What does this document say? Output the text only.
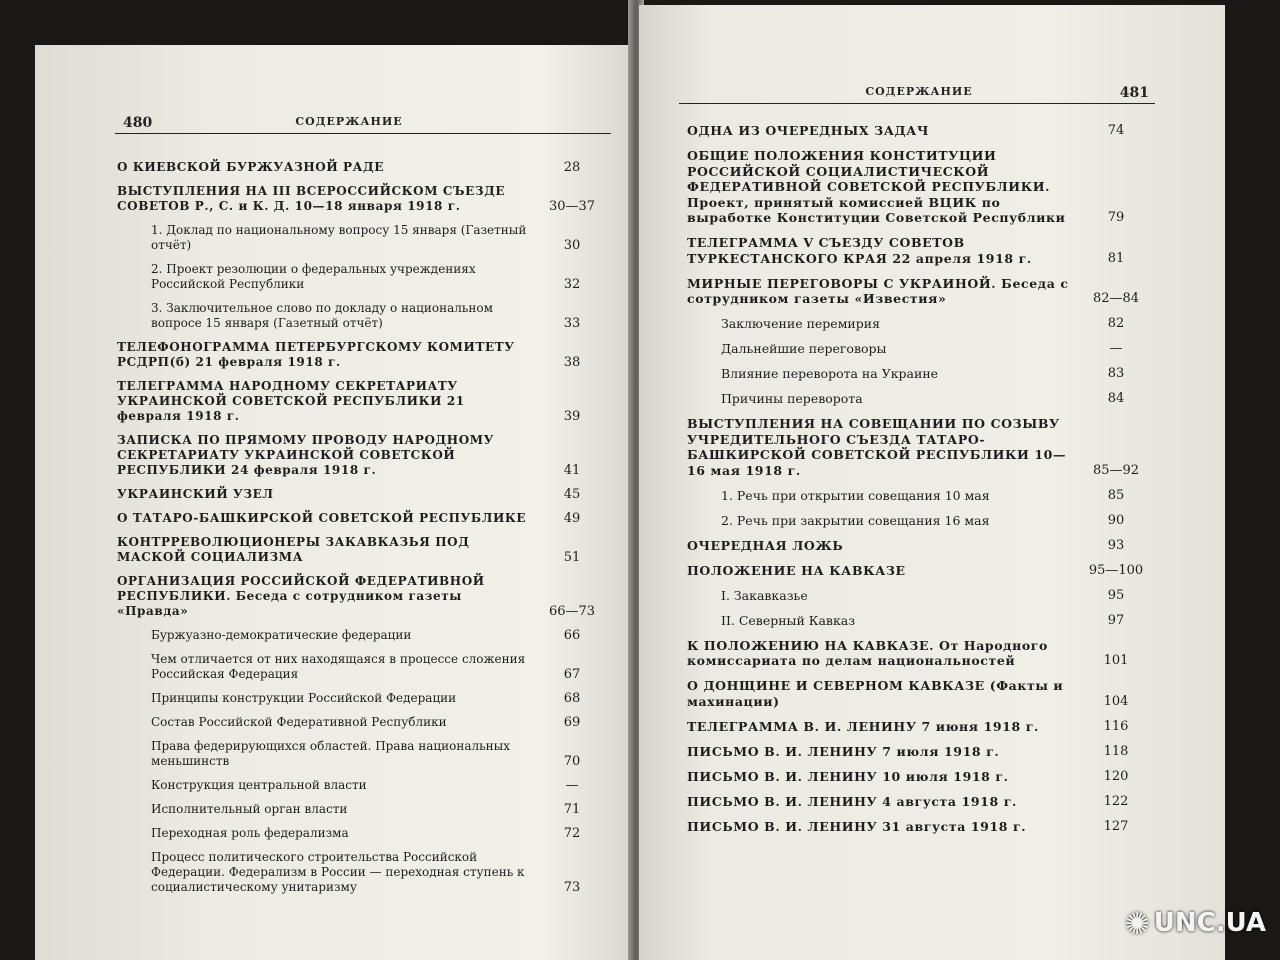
480	СОДЕРЖАНИЕ
О КИЕВСКОЙ БУРЖУАЗНОЙ РАДЕ	28
ВЫСТУПЛЕНИЯ НА III ВСЕРОССИЙСКОМ СЪЕЗДЕ СОВЕТОВ Р., С. и К. Д. 10—18 января 1918 г.	30—37
1. Доклад по национальному вопросу 15 января (Газетный отчёт)	30
2. Проект резолюции о федеральных учреждениях Российской Республики	32
3. Заключительное слово по докладу о национальном вопросе 15 января (Газетный отчёт)	33
ТЕЛЕФОНОГРАММА ПЕТЕРБУРГСКОМУ КОМИТЕТУ РСДРП(б) 21 февраля 1918 г.	38
ТЕЛЕГРАММА НАРОДНОМУ СЕКРЕТАРИАТУ УКРАИНСКОЙ СОВЕТСКОЙ РЕСПУБЛИКИ 21 февраля 1918 г.	39
ЗАПИСКА ПО ПРЯМОМУ ПРОВОДУ НАРОДНОМУ СЕКРЕТАРИАТУ УКРАИНСКОЙ СОВЕТСКОЙ РЕСПУБЛИКИ 24 февраля 1918 г.	41
УКРАИНСКИЙ УЗЕЛ	45
О ТАТАРО-БАШКИРСКОЙ СОВЕТСКОЙ РЕСПУБЛИКЕ	49
КОНТРРЕВОЛЮЦИОНЕРЫ ЗАКАВКАЗЬЯ ПОД МАСКОЙ СОЦИАЛИЗМА	51
ОРГАНИЗАЦИЯ РОССИЙСКОЙ ФЕДЕРАТИВНОЙ РЕСПУБЛИКИ. Беседа с сотрудником газеты «Правда»	66—73
Буржуазно-демократические федерации	66
Чем отличается от них находящаяся в процессе сложения Российская Федерация	67
Принципы конструкции Российской Федерации	68
Состав Российской Федеративной Республики	69
Права федерирующихся областей. Права национальных меньшинств	70
Конструкция центральной власти	—
Исполнительный орган власти	71
Переходная роль федерализма	72
Процесс политического строительства Российской Федерации. Федерализм в России — переходная ступень к социалистическому унитаризму	73
СОДЕРЖАНИЕ	481
ОДНА ИЗ ОЧЕРЕДНЫХ ЗАДАЧ	74
ОБЩИЕ ПОЛОЖЕНИЯ КОНСТИТУЦИИ РОССИЙСКОЙ СОЦИАЛИСТИЧЕСКОЙ ФЕДЕРАТИВНОЙ СОВЕТСКОЙ РЕСПУБЛИКИ. Проект, принятый комиссией ВЦИК по выработке Конституции Советской Республики	79
ТЕЛЕГРАММА V СЪЕЗДУ СОВЕТОВ ТУРКЕСТАНСКОГО КРАЯ 22 апреля 1918 г.	81
МИРНЫЕ ПЕРЕГОВОРЫ С УКРАИНОЙ. Беседа с сотрудником газеты «Известия»	82—84
Заключение перемирия	82
Дальнейшие переговоры	—
Влияние переворота на Украине	83
Причины переворота	84
ВЫСТУПЛЕНИЯ НА СОВЕЩАНИИ ПО СОЗЫВУ УЧРЕДИТЕЛЬНОГО СЪЕЗДА ТАТАРО-БАШКИРСКОЙ СОВЕТСКОЙ РЕСПУБЛИКИ 10—16 мая 1918 г.	85—92
1. Речь при открытии совещания 10 мая	85
2. Речь при закрытии совещания 16 мая	90
ОЧЕРЕДНАЯ ЛОЖЬ	93
ПОЛОЖЕНИЕ НА КАВКАЗЕ	95—100
I. Закавказье	95
II. Северный Кавказ	97
К ПОЛОЖЕНИЮ НА КАВКАЗЕ. От Народного комиссариата по делам национальностей	101
О ДОНЩИНЕ И СЕВЕРНОМ КАВКАЗЕ (Факты и махинации)	104
ТЕЛЕГРАММА В. И. ЛЕНИНУ 7 июня 1918 г.	116
ПИСЬМО В. И. ЛЕНИНУ 7 июля 1918 г.	118
ПИСЬМО В. И. ЛЕНИНУ 10 июля 1918 г.	120
ПИСЬМО В. И. ЛЕНИНУ 4 августа 1918 г.	122
ПИСЬМО В. И. ЛЕНИНУ 31 августа 1918 г.	127
✺ UNC.UA
